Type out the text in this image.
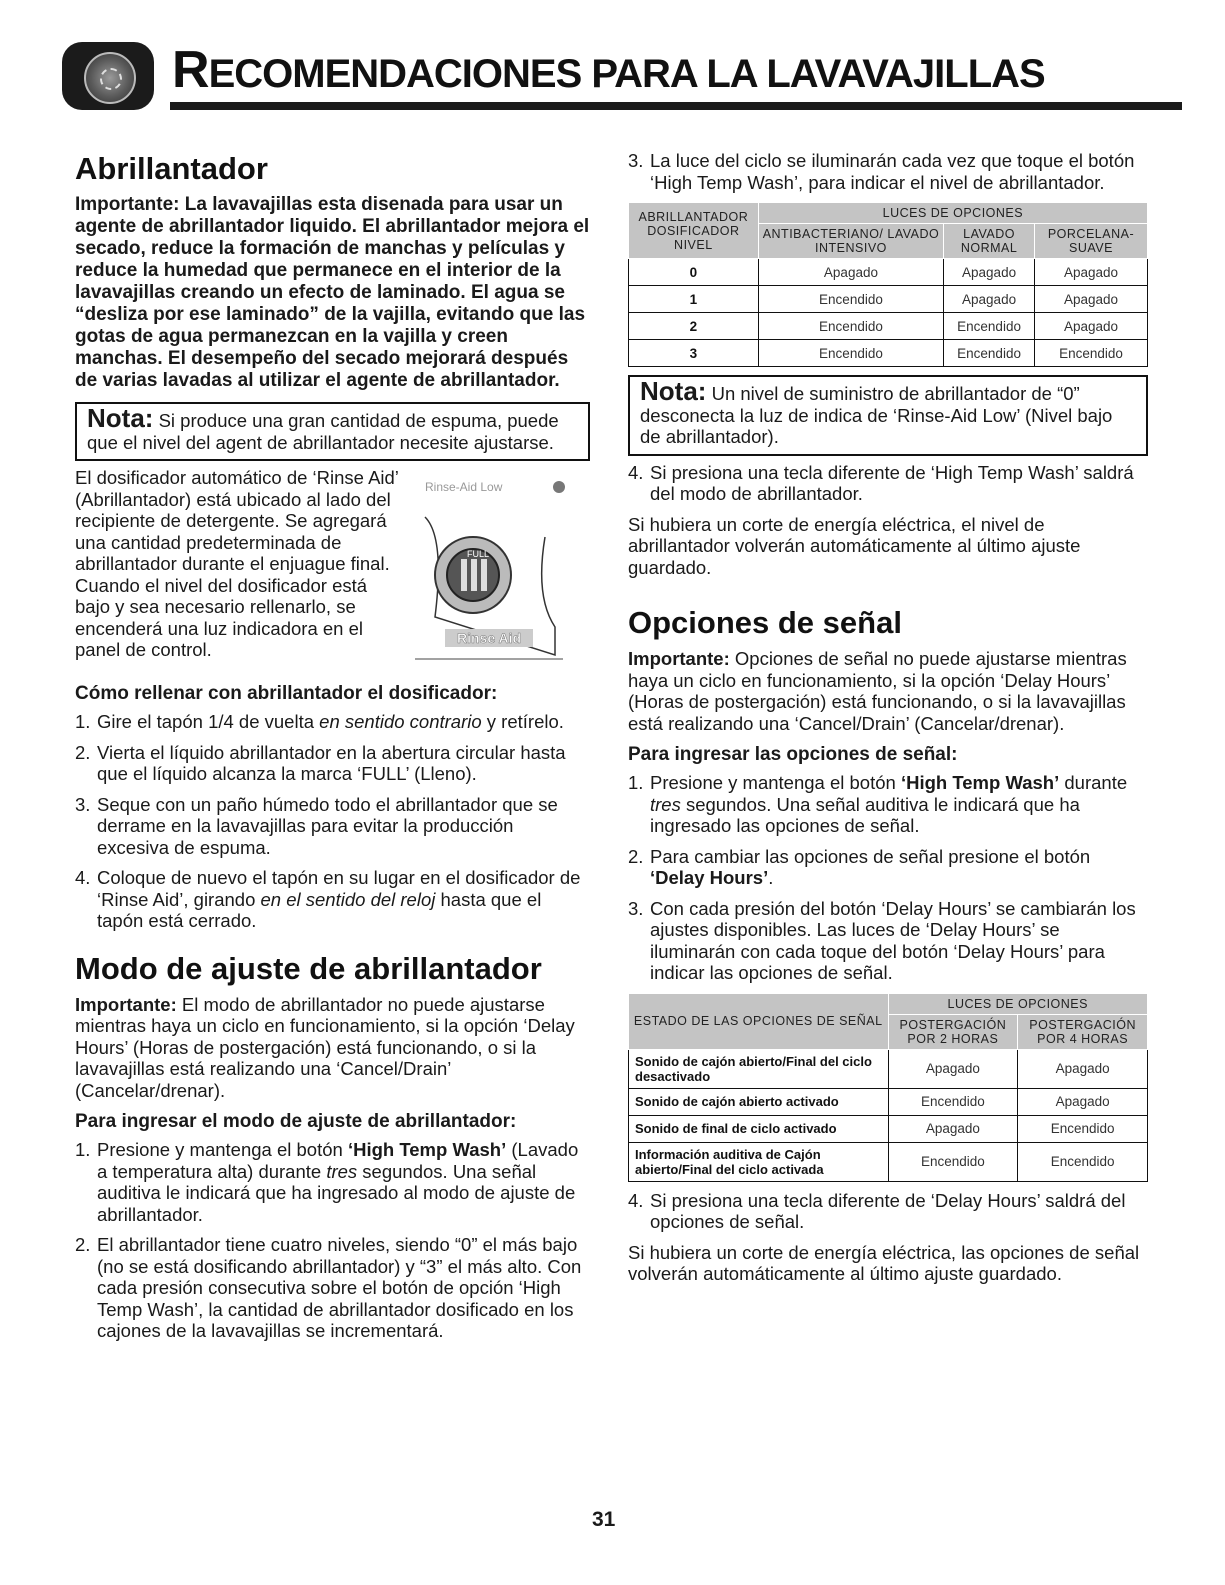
RECOMENDACIONES PARA LA LAVAVAJILLAS
Abrillantador

Importante: La lavavajillas esta disenada para usar un agente de abrillantador liquido. El abrillantador mejora el secado, reduce la formación de manchas y películas y reduce la humedad que permanece en el interior de la lavavajillas creando un efecto de laminado. El agua se “desliza por ese laminado” de la vajilla, evitando que las gotas de agua permanezcan en la vajilla y creen manchas. El desempeño del secado mejorará después de varias lavadas al utilizar el agente de abrillantador.

Nota: Si produce una gran cantidad de espuma, puede que el nivel del agent de abrillantador necesite ajustarse.

El dosificador automático de ‘Rinse Aid’ (Abrillantador) está ubicado al lado del recipiente de detergente. Se agregará una cantidad predeterminada de abrillantador durante el enjuague final. Cuando el nivel del dosificador está bajo y sea necesario rellenarlo, se encenderá una luz indicadora en el panel de control.

Rinse-Aid Low
FULL
Rinse Aid

Cómo rellenar con abrillantador el dosificador:

1. Gire el tapón 1/4 de vuelta en sentido contrario y retírelo.
2. Vierta el líquido abrillantador en la abertura circular hasta que el líquido alcanza la marca ‘FULL’ (Lleno).
3. Seque con un paño húmedo todo el abrillantador que se derrame en la lavavajillas para evitar la producción excesiva de espuma.
4. Coloque de nuevo el tapón en su lugar en el dosificador de ‘Rinse Aid’, girando en el sentido del reloj hasta que el tapón está cerrado.
Modo de ajuste de abrillantador

Importante: El modo de abrillantador no puede ajustarse mientras haya un ciclo en funcionamiento, si la opción ‘Delay Hours’ (Horas de postergación) está funcionando, o si la lavavajillas está realizando una ‘Cancel/Drain’ (Cancelar/drenar).

Para ingresar el modo de ajuste de abrillantador:

1. Presione y mantenga el botón ‘High Temp Wash’ (Lavado a temperatura alta) durante tres segundos. Una señal auditiva le indicará que ha ingresado al modo de ajuste de abrillantador.
2. El abrillantador tiene cuatro niveles, siendo “0” el más bajo (no se está dosificando abrillantador) y “3” el más alto. Con cada presión consecutiva sobre el botón de opción ‘High Temp Wash’, la cantidad de abrillantador dosificado en los cajones de la lavavajillas se incrementará.
3. La luce del ciclo se iluminarán cada vez que toque el botón ‘High Temp Wash’, para indicar el nivel de abrillantador.
ABRILLANTADOR DOSIFICADOR NIVEL	LUCES DE OPCIONES		
	ANTIBACTERIANO/ LAVADO INTENSIVO	LAVADO NORMAL	PORCELANA- SUAVE
0	Apagado	Apagado	Apagado
1	Encendido	Apagado	Apagado
2	Encendido	Encendido	Apagado
3	Encendido	Encendido	Encendido
Nota: Un nivel de suministro de abrillantador de “0” desconecta la luz de indica de ‘Rinse-Aid Low’ (Nivel bajo de abrillantador).
4. Si presiona una tecla diferente de ‘High Temp Wash’ saldrá del modo de abrillantador.

Si hubiera un corte de energía eléctrica, el nivel de abrillantador volverán automáticamente al último ajuste guardado.

Opciones de señal

Importante: Opciones de señal no puede ajustarse mientras haya un ciclo en funcionamiento, si la opción ‘Delay Hours’ (Horas de postergación) está funcionando, o si la lavavajillas está realizando una ‘Cancel/Drain’ (Cancelar/drenar).

Para ingresar las opciones de señal:

1. Presione y mantenga el botón ‘High Temp Wash’ durante tres segundos. Una señal auditiva le indicará que ha ingresado las opciones de señal.
2. Para cambiar las opciones de señal presione el botón ‘Delay Hours’.
3. Con cada presión del botón ‘Delay Hours’ se cambiarán los ajustes disponibles. Las luces de ‘Delay Hours’ se iluminarán con cada toque del botón ‘Delay Hours’ para indicar las opciones de señal.
ESTADO DE LAS OPCIONES DE SEÑAL	LUCES DE OPCIONES	
	POSTERGACIÓN POR 2 HORAS	POSTERGACIÓN POR 4 HORAS
Sonido de cajón abierto/Final del ciclo desactivado	Apagado	Apagado
Sonido de cajón abierto activado	Encendido	Apagado
Sonido de final de ciclo activado	Apagado	Encendido
Información auditiva de Cajón abierto/Final del ciclo activada	Encendido	Encendido
4. Si presiona una tecla diferente de ‘Delay Hours’ saldrá del opciones de señal.

Si hubiera un corte de energía eléctrica, las opciones de señal volverán automáticamente al último ajuste guardado.

31
